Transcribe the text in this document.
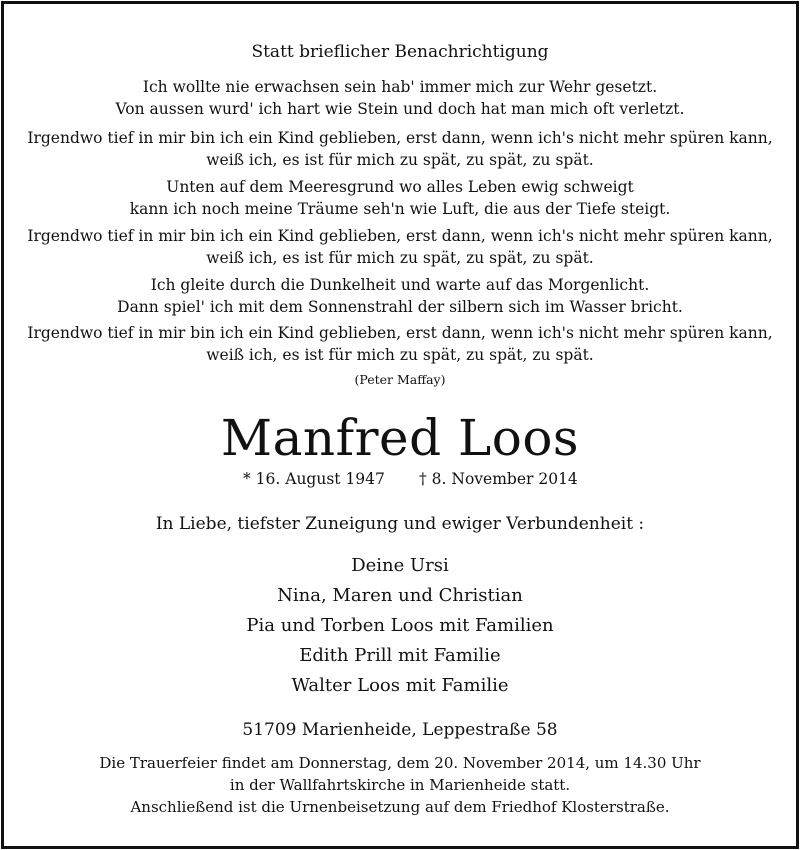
Statt brieflicher Benachrichtigung
Ich wollte nie erwachsen sein hab' immer mich zur Wehr gesetzt.
Von aussen wurd' ich hart wie Stein und doch hat man mich oft verletzt.
Irgendwo tief in mir bin ich ein Kind geblieben, erst dann, wenn ich's nicht mehr spüren kann,
weiß ich, es ist für mich zu spät, zu spät, zu spät.
Unten auf dem Meeresgrund wo alles Leben ewig schweigt
kann ich noch meine Träume seh'n wie Luft, die aus der Tiefe steigt.
Irgendwo tief in mir bin ich ein Kind geblieben, erst dann, wenn ich's nicht mehr spüren kann,
weiß ich, es ist für mich zu spät, zu spät, zu spät.
Ich gleite durch die Dunkelheit und warte auf das Morgenlicht.
Dann spiel' ich mit dem Sonnenstrahl der silbern sich im Wasser bricht.
Irgendwo tief in mir bin ich ein Kind geblieben, erst dann, wenn ich's nicht mehr spüren kann,
weiß ich, es ist für mich zu spät, zu spät, zu spät.
(Peter Maffay)
Manfred Loos
* 16. August 1947 † 8. November 2014
In Liebe, tiefster Zuneigung und ewiger Verbundenheit :
Deine Ursi
Nina, Maren und Christian
Pia und Torben Loos mit Familien
Edith Prill mit Familie
Walter Loos mit Familie
51709 Marienheide, Leppestraße 58
Die Trauerfeier findet am Donnerstag, dem 20. November 2014, um 14.30 Uhr
in der Wallfahrtskirche in Marienheide statt.
Anschließend ist die Urnenbeisetzung auf dem Friedhof Klosterstraße.
